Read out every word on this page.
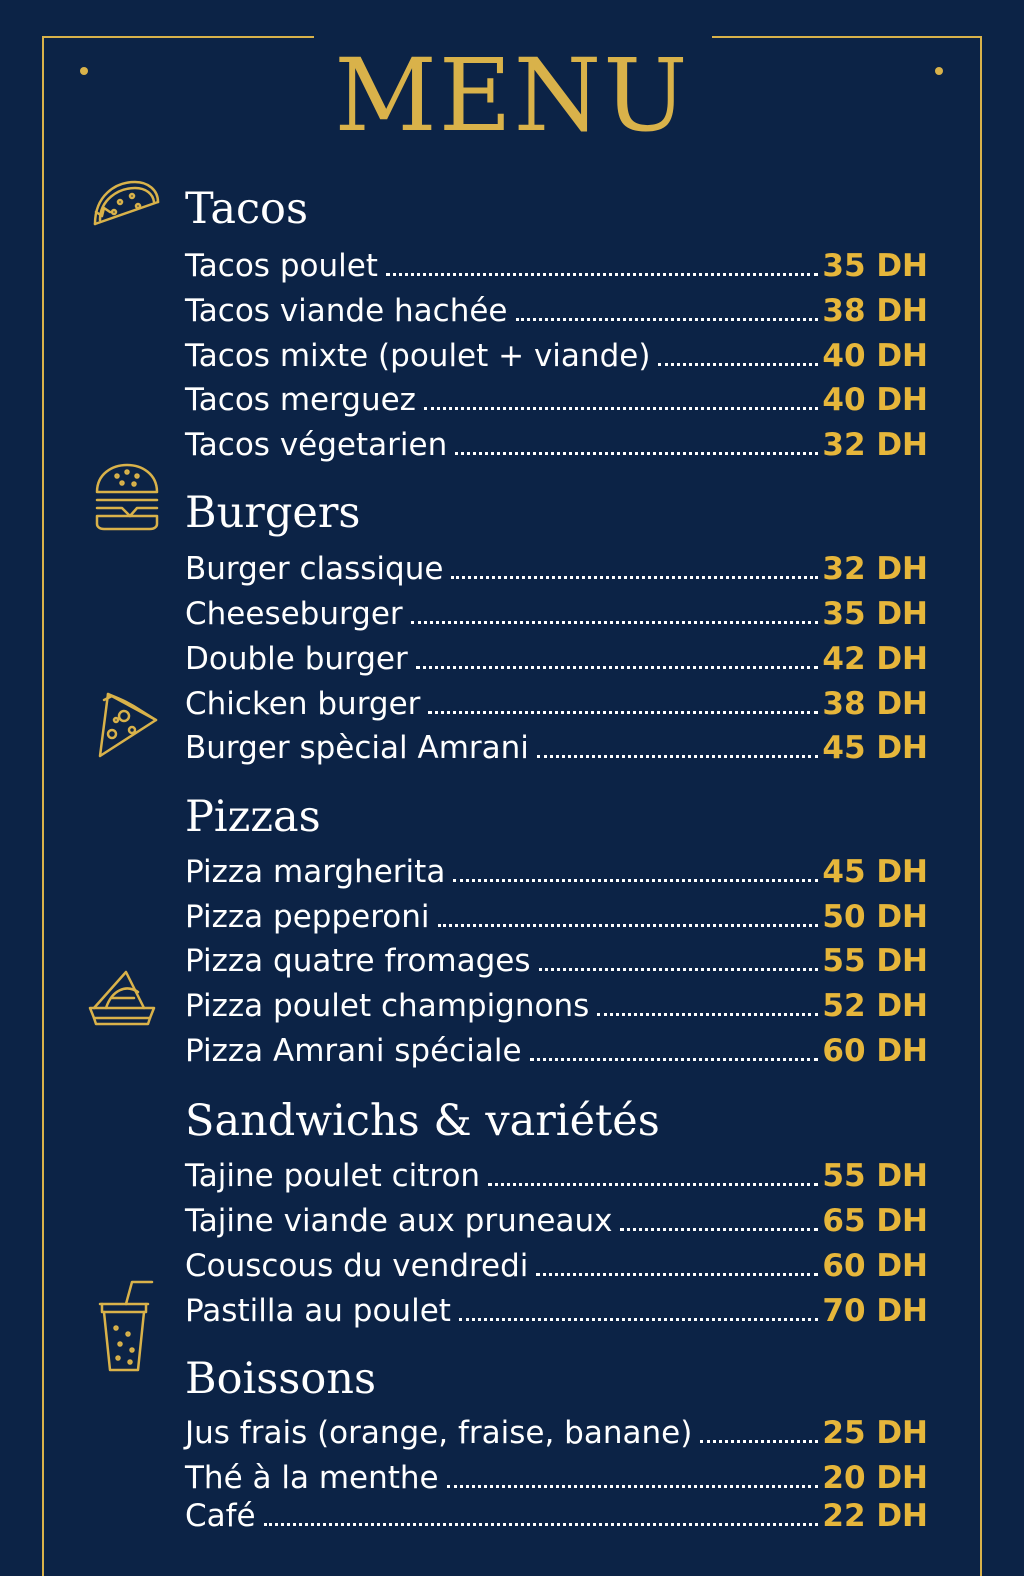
MENU
Tacos
Tacos poulet	35 DH
Tacos viande hachée	38 DH
Tacos mixte (poulet + viande)	40 DH
Tacos merguez	40 DH
Tacos végetarien	32 DH
Burgers
Burger classique	32 DH
Cheeseburger	35 DH
Double burger	42 DH
Chicken burger	38 DH
Burger spècial Amrani	45 DH
Pizzas
Pizza margherita	45 DH
Pizza pepperoni	50 DH
Pizza quatre fromages	55 DH
Pizza poulet champignons	52 DH
Pizza Amrani spéciale	60 DH
Sandwichs & variétés
Tajine poulet citron	55 DH
Tajine viande aux pruneaux	65 DH
Couscous du vendredi	60 DH
Pastilla au poulet	70 DH
Boissons
Jus frais (orange, fraise, banane)	25 DH
Thé à la menthe	20 DH
Café	22 DH
